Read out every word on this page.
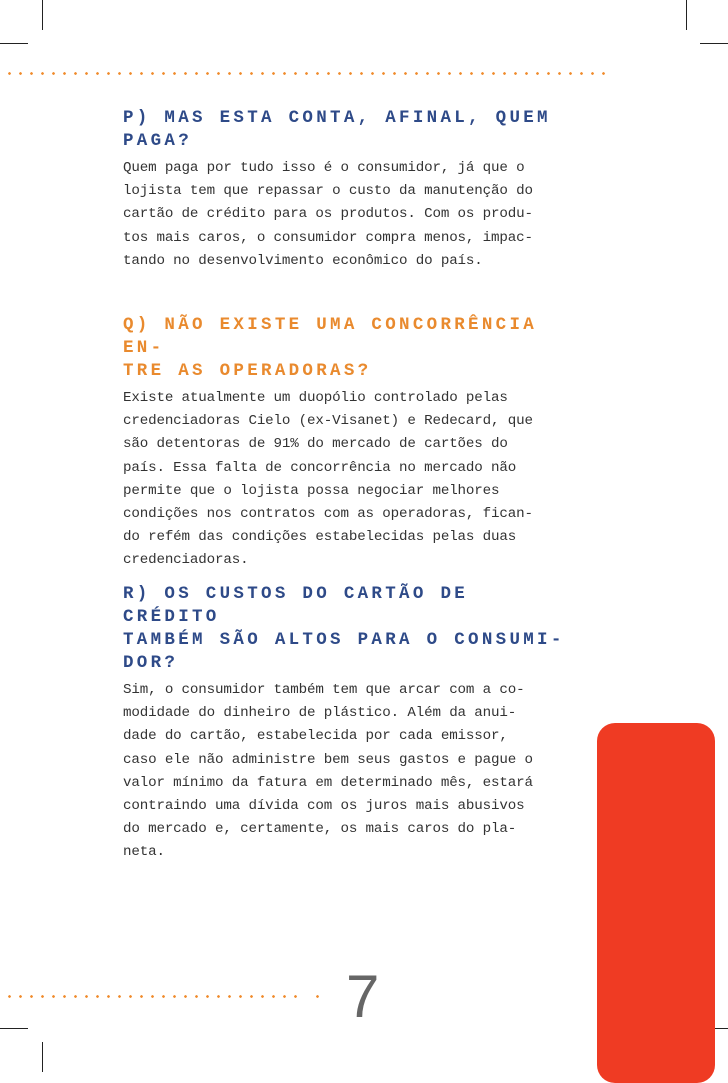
P) MAS ESTA CONTA, AFINAL, QUEM
PAGA?

Quem paga por tudo isso é o consumidor, já que o
lojista tem que repassar o custo da manutenção do
cartão de crédito para os produtos. Com os produ-
tos mais caros, o consumidor compra menos, impac-
tando no desenvolvimento econômico do país.

Q) NÃO EXISTE UMA CONCORRÊNCIA EN-
TRE AS OPERADORAS?

Existe atualmente um duopólio controlado pelas
credenciadoras Cielo (ex-Visanet) e Redecard, que
são detentoras de 91% do mercado de cartões do
país. Essa falta de concorrência no mercado não
permite que o lojista possa negociar melhores
condições nos contratos com as operadoras, fican-
do refém das condições estabelecidas pelas duas
credenciadoras.

R) OS CUSTOS DO CARTÃO DE CRÉDITO
TAMBÉM SÃO ALTOS PARA O CONSUMI-
DOR?

Sim, o consumidor também tem que arcar com a co-
modidade do dinheiro de plástico. Além da anui-
dade do cartão, estabelecida por cada emissor,
caso ele não administre bem seus gastos e pague o
valor mínimo da fatura em determinado mês, estará
contraindo uma dívida com os juros mais abusivos
do mercado e, certamente, os mais caros do pla-
neta.

7
